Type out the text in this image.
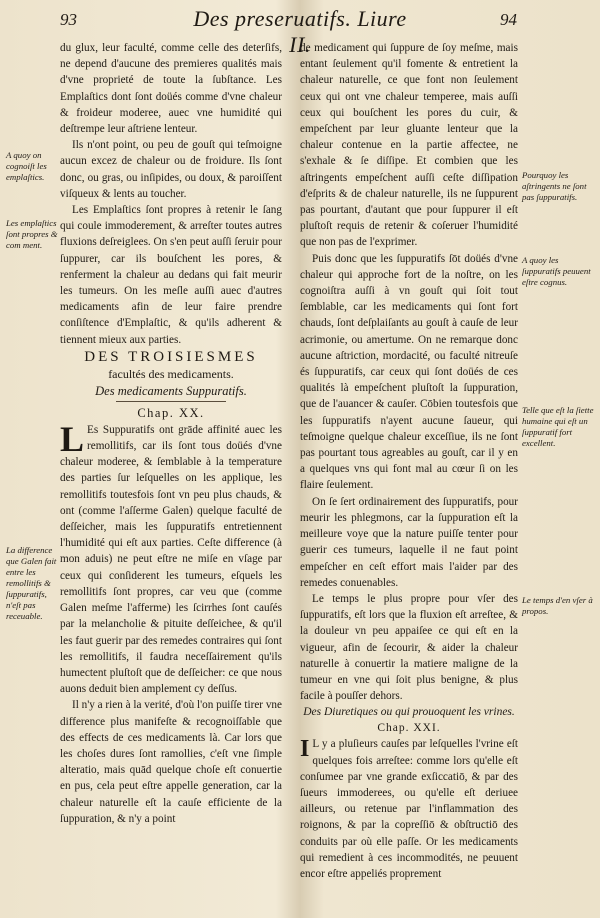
93	Des preseruatifs. Liure II.
94
A quoy on cognoiſt les emplaſtics.
Les emplaſtics ſont propres & com ment.
La difference que Galen fait entre les remollitifs & ſuppuratifs, n'eſt pas receuable.
Pourquoy les aſtringents ne ſont pas ſuppuratifs.
A quoy les ſuppuratifs peuuent eſtre cognus.
Telle que eſt la ſiette humaine qui eſt un ſuppuratif fort excellent.
Le temps d'en vſer à propos.

du glux, leur faculté, comme celle des deterſifs, ne depend d'aucune des premieres qualités mais d'vne proprieté de toute la ſubſtance. Les Emplaſtics dont ſont doüés comme d'vne chaleur & froideur moderee, auec vne humidité qui deſtrempe leur aſtriene lenteur.

Ils n'ont point, ou peu de gouſt qui teſmoigne aucun excez de chaleur ou de froidure. Ils ſont donc, ou gras, ou inſipides, ou doux, & paroiſſent viſqueux & lents au toucher.

Les Emplaſtics ſont propres à retenir le ſang qui coule immoderement, & arreſter toutes autres fluxions deſreiglees. On s'en peut auſſi ſeruir pour ſuppurer, car ils bouſchent les pores, & renferment la chaleur au dedans qui fait meurir les tumeurs. On les meſle auſſi auec d'autres medicaments afin de leur faire prendre conſiſtence d'Emplaſtic, & qu'ils adherent & tiennent mieux aux parties.

DES TROISIESMES

facultés des medicaments.

Des medicaments Suppuratifs.

Chap. XX.

L Es Suppuratifs ont grāde affinité auec les remollitifs, car ils ſont tous doüés d'vne chaleur moderee, & ſemblable à la temperature des parties ſur leſquelles on les applique, les remollitifs toutesfois ſont vn peu plus chauds, & ont (comme l'aſſerme Galen) quelque faculté de deſſeicher, mais les ſuppuratifs entretiennent l'humidité qui eſt aux parties. Ceſte difference (à mon aduis) ne peut eſtre ne miſe en vſage par ceux qui conſiderent les tumeurs, eſquels les remollitifs ſont propres, car veu que (comme Galen meſme l'afferme) les ſcirrhes ſont cauſés par la melancholie & pituite deſſeichee, & qu'il les faut guerir par des remedes contraires qui ſont les remollitifs, il faudra neceſſairement qu'ils humectent pluſtoſt que de deſſeicher: ce que nous auons deduit bien amplement cy deſſus.

Il n'y a rien à la verité, d'où l'on puiſſe tirer vne difference plus manifeſte & recognoiſſable que des effects de ces medicaments là. Car lors que les choſes dures ſont ramollies, c'eſt vne ſimple alteratio, mais quād quelque choſe eſt conuertie en pus, cela peut eſtre appelle generation, car la chaleur naturelle eſt la cauſe efficiente de la ſuppuration, & n'y a point

de medicament qui ſuppure de ſoy meſme, mais entant ſeulement qu'il fomente & entretient la chaleur naturelle, ce que font non ſeulement ceux qui ont vne chaleur temperee, mais auſſi ceux qui bouſchent les pores du cuir, & empeſchent par leur gluante lenteur que la chaleur contenue en la partie affectee, ne s'exhale & ſe diſſipe. Et combien que les aſtringents empeſchent auſſi ceſte diſſipation d'eſprits & de chaleur naturelle, ils ne ſuppurent pas pourtant, d'autant que pour ſuppurer il eſt pluſtoſt requis de retenir & coſeruer l'humidité que non pas de l'exprimer.

Puis donc que les ſuppuratifs ſōt doüés d'vne chaleur qui approche fort de la noſtre, on les cognoiſtra auſſi à vn gouſt qui ſoit tout ſemblable, car les medicaments qui ſont fort chauds, ſont deſplaiſants au gouſt à cauſe de leur acrimonie, ou amertume. On ne remarque donc aucune aſtriction, mordacité, ou faculté nitreuſe és ſuppuratifs, car ceux qui ſont doüés de ces qualités là empeſchent pluſtoſt la ſuppuration, que de l'auancer & cauſer. Cōbien toutesfois que les ſuppuratifs n'ayent aucune ſaueur, qui teſmoigne quelque chaleur exceſſiue, ils ne ſont pas pourtant tous agreables au gouſt, car il y en a quelques vns qui font mal au cœur ſi on les flaire ſeulement.

On ſe ſert ordinairement des ſuppuratifs, pour meurir les phlegmons, car la ſuppuration eſt la meilleure voye que la nature puiſſe tenter pour guerir ces tumeurs, laquelle il ne faut point empeſcher en ceſt effort mais l'aider par des remedes conuenables.

Le temps le plus propre pour vſer des ſuppuratifs, eſt lors que la fluxion eſt arreſtee, & la douleur vn peu appaiſee ce qui eſt en la vigueur, afin de ſecourir, & aider la chaleur naturelle à conuertir la matiere maligne de la tumeur en vne qui ſoit plus benigne, & plus facile à pouſſer dehors.

Des Diuretiques ou qui prouoquent les vrines. Chap. XXI.

I L y a pluſieurs cauſes par leſquelles l'vrine eſt quelques fois arreſtee: comme lors qu'elle eſt conſumee par vne grande exſiccatiō, & par des ſueurs immoderees, ou qu'elle eſt deriuee ailleurs, ou retenue par l'inflammation des roignons, & par la copreſſiō & obſtructiō des conduits par où elle paſſe. Or les medicaments qui remedient à ces incommodités, ne peuuent encor eſtre appeliés proprement
